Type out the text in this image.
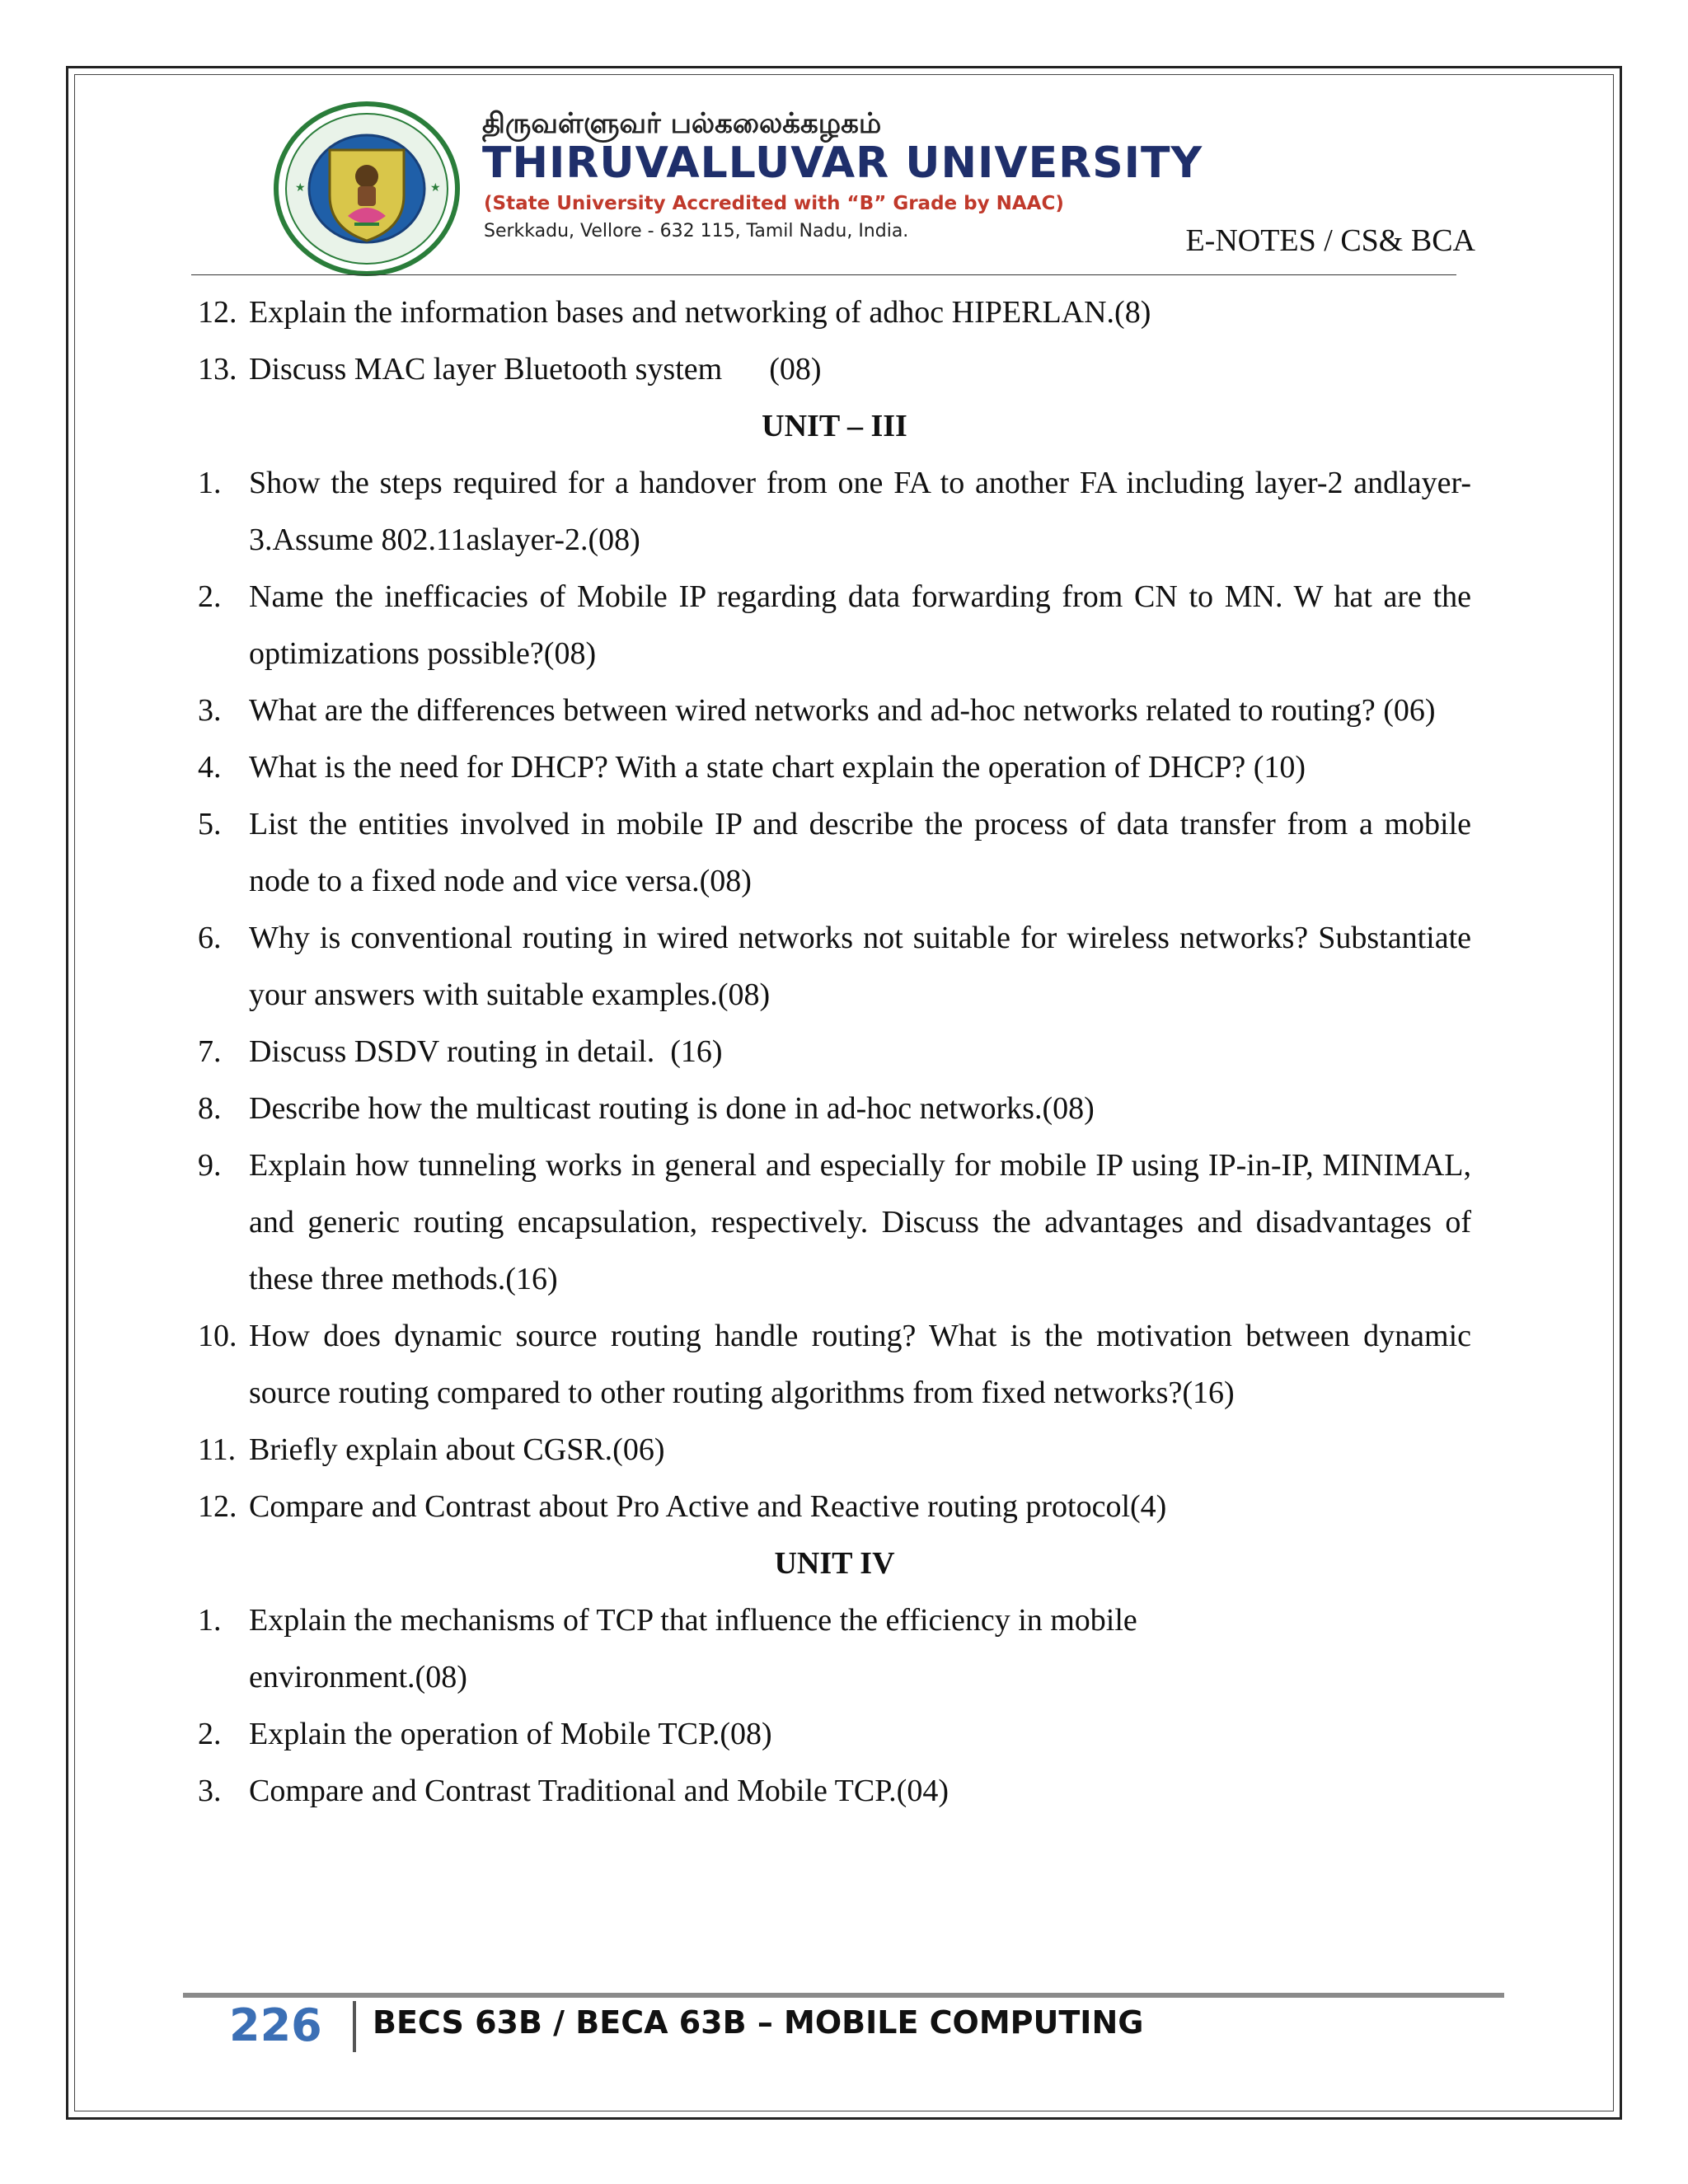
★	★
திருவள்ளுவர் பல்கலைக்கழகம்
THIRUVALLUVAR UNIVERSITY
(State University Accredited with “B” Grade by NAAC)
Serkkadu, Vellore - 632 115, Tamil Nadu, India.	E-NOTES / CS& BCA
12. Explain the information bases and networking of adhoc HIPERLAN.(8)
13. Discuss MAC layer Bluetooth system      (08)
UNIT – III
1. Show the steps required for a handover from one FA to another FA including layer-2 andlayer-3.Assume 802.11aslayer-2.(08)
2. Name the inefficacies of Mobile IP regarding data forwarding from CN to MN. W hat are the optimizations possible?(08)
3. What are the differences between wired networks and ad-hoc networks related to routing? (06)
4. What is the need for DHCP? With a state chart explain the operation of DHCP? (10)
5. List the entities involved in mobile IP and describe the process of data transfer from a mobile node to a fixed node and vice versa.(08)
6. Why is conventional routing in wired networks not suitable for wireless networks? Substantiate your answers with suitable examples.(08)
7. Discuss DSDV routing in detail.  (16)
8. Describe how the multicast routing is done in ad-hoc networks.(08)
9. Explain how tunneling works in general and especially for mobile IP using IP-in-IP, MINIMAL, and generic routing encapsulation, respectively. Discuss the advantages and disadvantages of these three methods.(16)
10. How does dynamic source routing handle routing? What is the motivation between dynamic source routing compared to other routing algorithms from fixed networks?(16)
11. Briefly explain about CGSR.(06)
12. Compare and Contrast about Pro Active and Reactive routing protocol(4)
UNIT IV
1. Explain the mechanisms of TCP that influence the efficiency in mobile
environment.(08)
2. Explain the operation of Mobile TCP.(08)
3. Compare and Contrast Traditional and Mobile TCP.(04)
226 BECS 63B / BECA 63B – MOBILE COMPUTING
